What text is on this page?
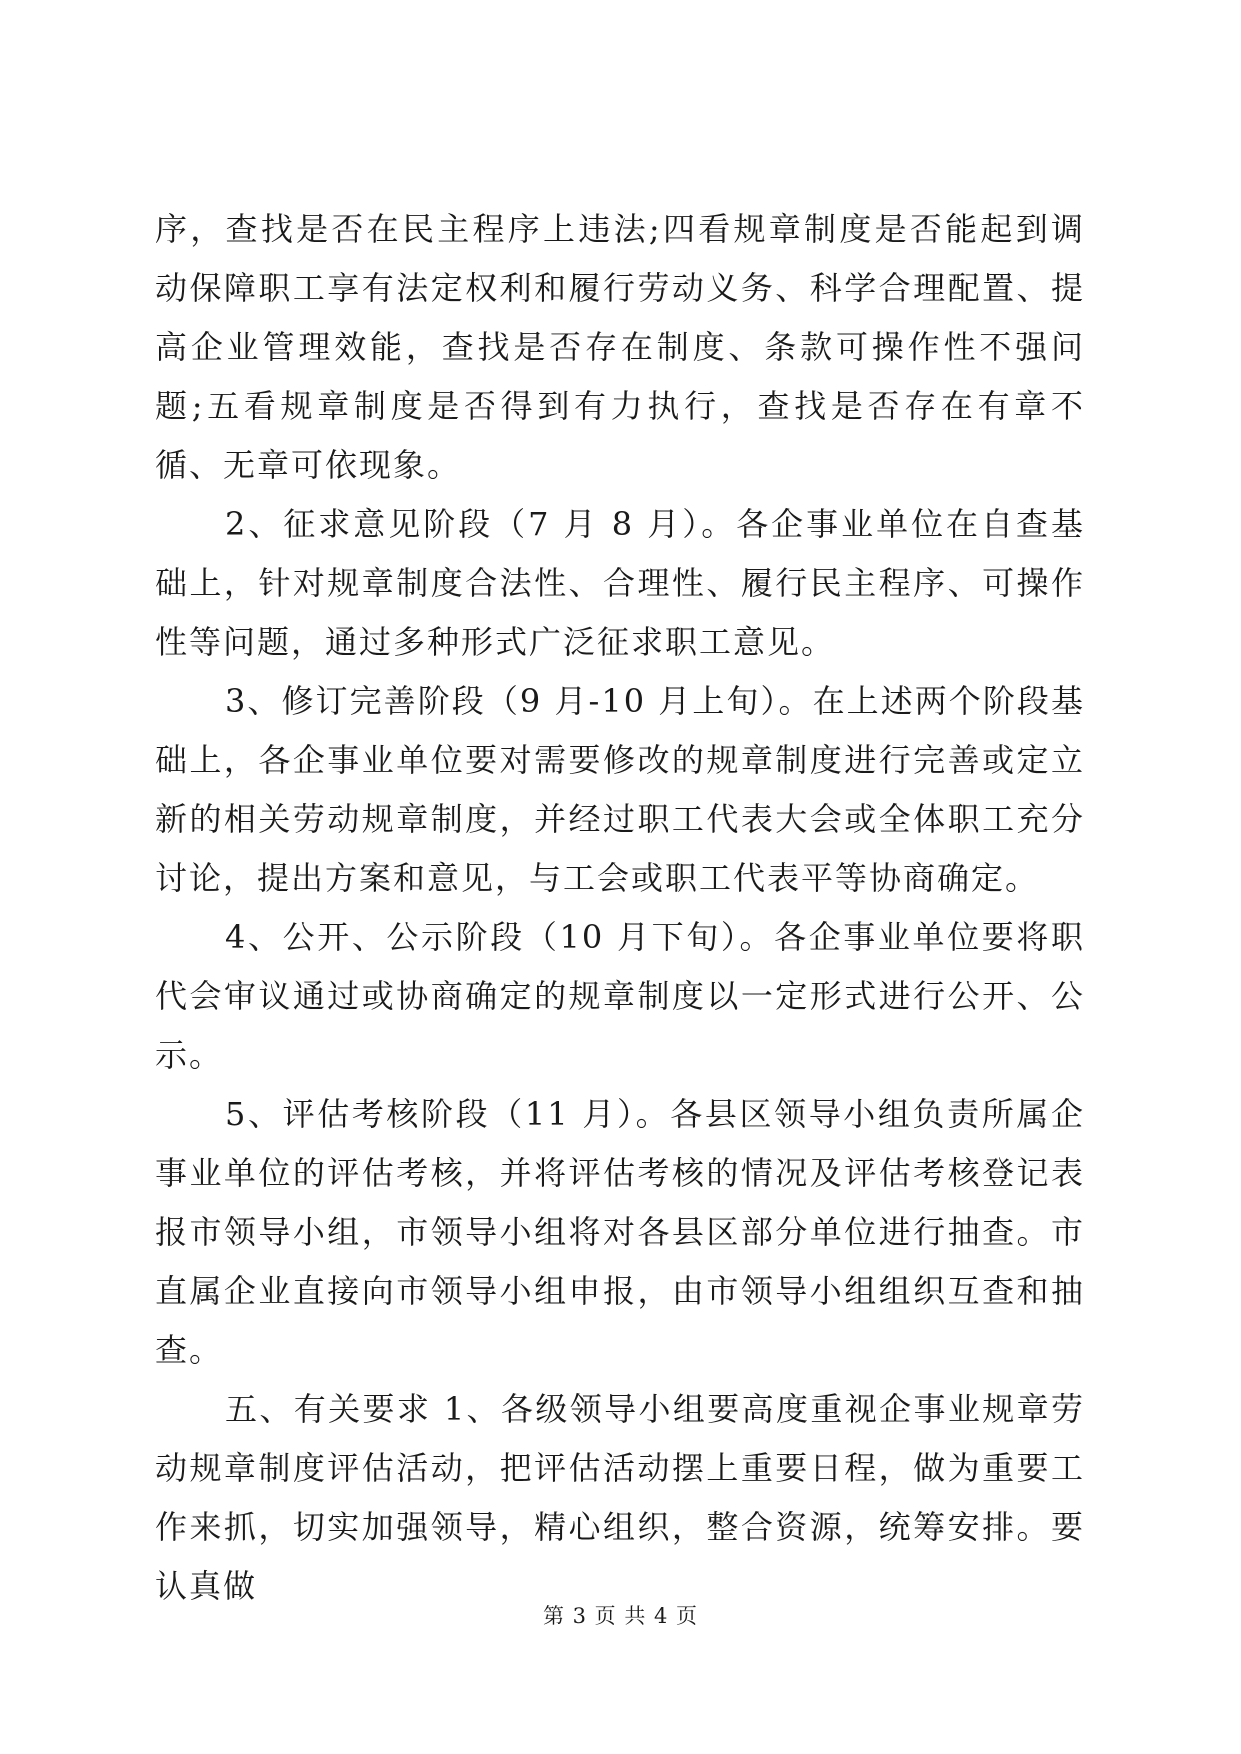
序，查找是否在民主程序上违法;四看规章制度是否能起到调动保障职工享有法定权利和履行劳动义务、科学合理配置、提高企业管理效能，查找是否存在制度、条款可操作性不强问题;五看规章制度是否得到有力执行，查找是否存在有章不循、无章可依现象。

2、征求意见阶段（7 月 8 月）。各企事业单位在自查基础上，针对规章制度合法性、合理性、履行民主程序、可操作性等问题，通过多种形式广泛征求职工意见。

3、修订完善阶段（9 月-10 月上旬）。在上述两个阶段基础上，各企事业单位要对需要修改的规章制度进行完善或定立新的相关劳动规章制度，并经过职工代表大会或全体职工充分讨论，提出方案和意见，与工会或职工代表平等协商确定。

4、公开、公示阶段（10 月下旬）。各企事业单位要将职代会审议通过或协商确定的规章制度以一定形式进行公开、公示。

5、评估考核阶段（11 月）。各县区领导小组负责所属企事业单位的评估考核，并将评估考核的情况及评估考核登记表报市领导小组，市领导小组将对各县区部分单位进行抽查。市直属企业直接向市领导小组申报，由市领导小组组织互查和抽查。

五、有关要求 1、各级领导小组要高度重视企事业规章劳动规章制度评估活动，把评估活动摆上重要日程，做为重要工作来抓，切实加强领导，精心组织，整合资源，统筹安排。要认真做

第 3 页 共 4 页
